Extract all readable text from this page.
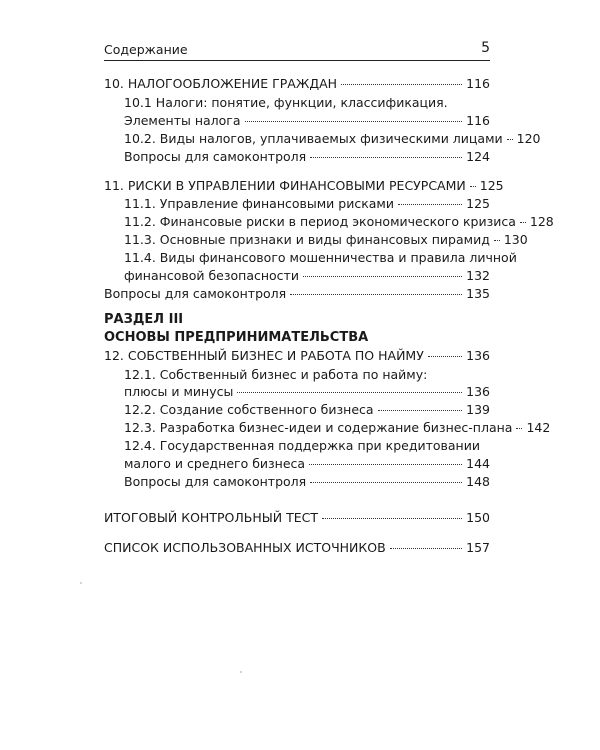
Содержание	5
10. НАЛОГООБЛОЖЕНИЕ ГРАЖДАН	116
10.1 Налоги: понятие, функции, классификация.
Элементы налога	116
10.2. Виды налогов, уплачиваемых физическими лицами 120
Вопросы для самоконтроля	124
11. РИСКИ В УПРАВЛЕНИИ ФИНАНСОВЫМИ РЕСУРСАМИ 125
11.1. Управление финансовыми рисками	125
11.2. Финансовые риски в период экономического кризиса 128
11.3. Основные признаки и виды финансовых пирамид 130
11.4. Виды финансового мошенничества и правила личной
финансовой безопасности	132
Вопросы для самоконтроля	135
РАЗДЕЛ III
ОСНОВЫ ПРЕДПРИНИМАТЕЛЬСТВА
12. СОБСТВЕННЫЙ БИЗНЕС И РАБОТА ПО НАЙМУ	136
12.1. Собственный бизнес и работа по найму:
плюсы и минусы	136
12.2. Создание собственного бизнеса	139
12.3. Разработка бизнес-идеи и содержание бизнес-плана 142
12.4. Государственная поддержка при кредитовании
малого и среднего бизнеса	144
Вопросы для самоконтроля	148
ИТОГОВЫЙ КОНТРОЛЬНЫЙ ТЕСТ	150
СПИСОК ИСПОЛЬЗОВАННЫХ ИСТОЧНИКОВ	157
